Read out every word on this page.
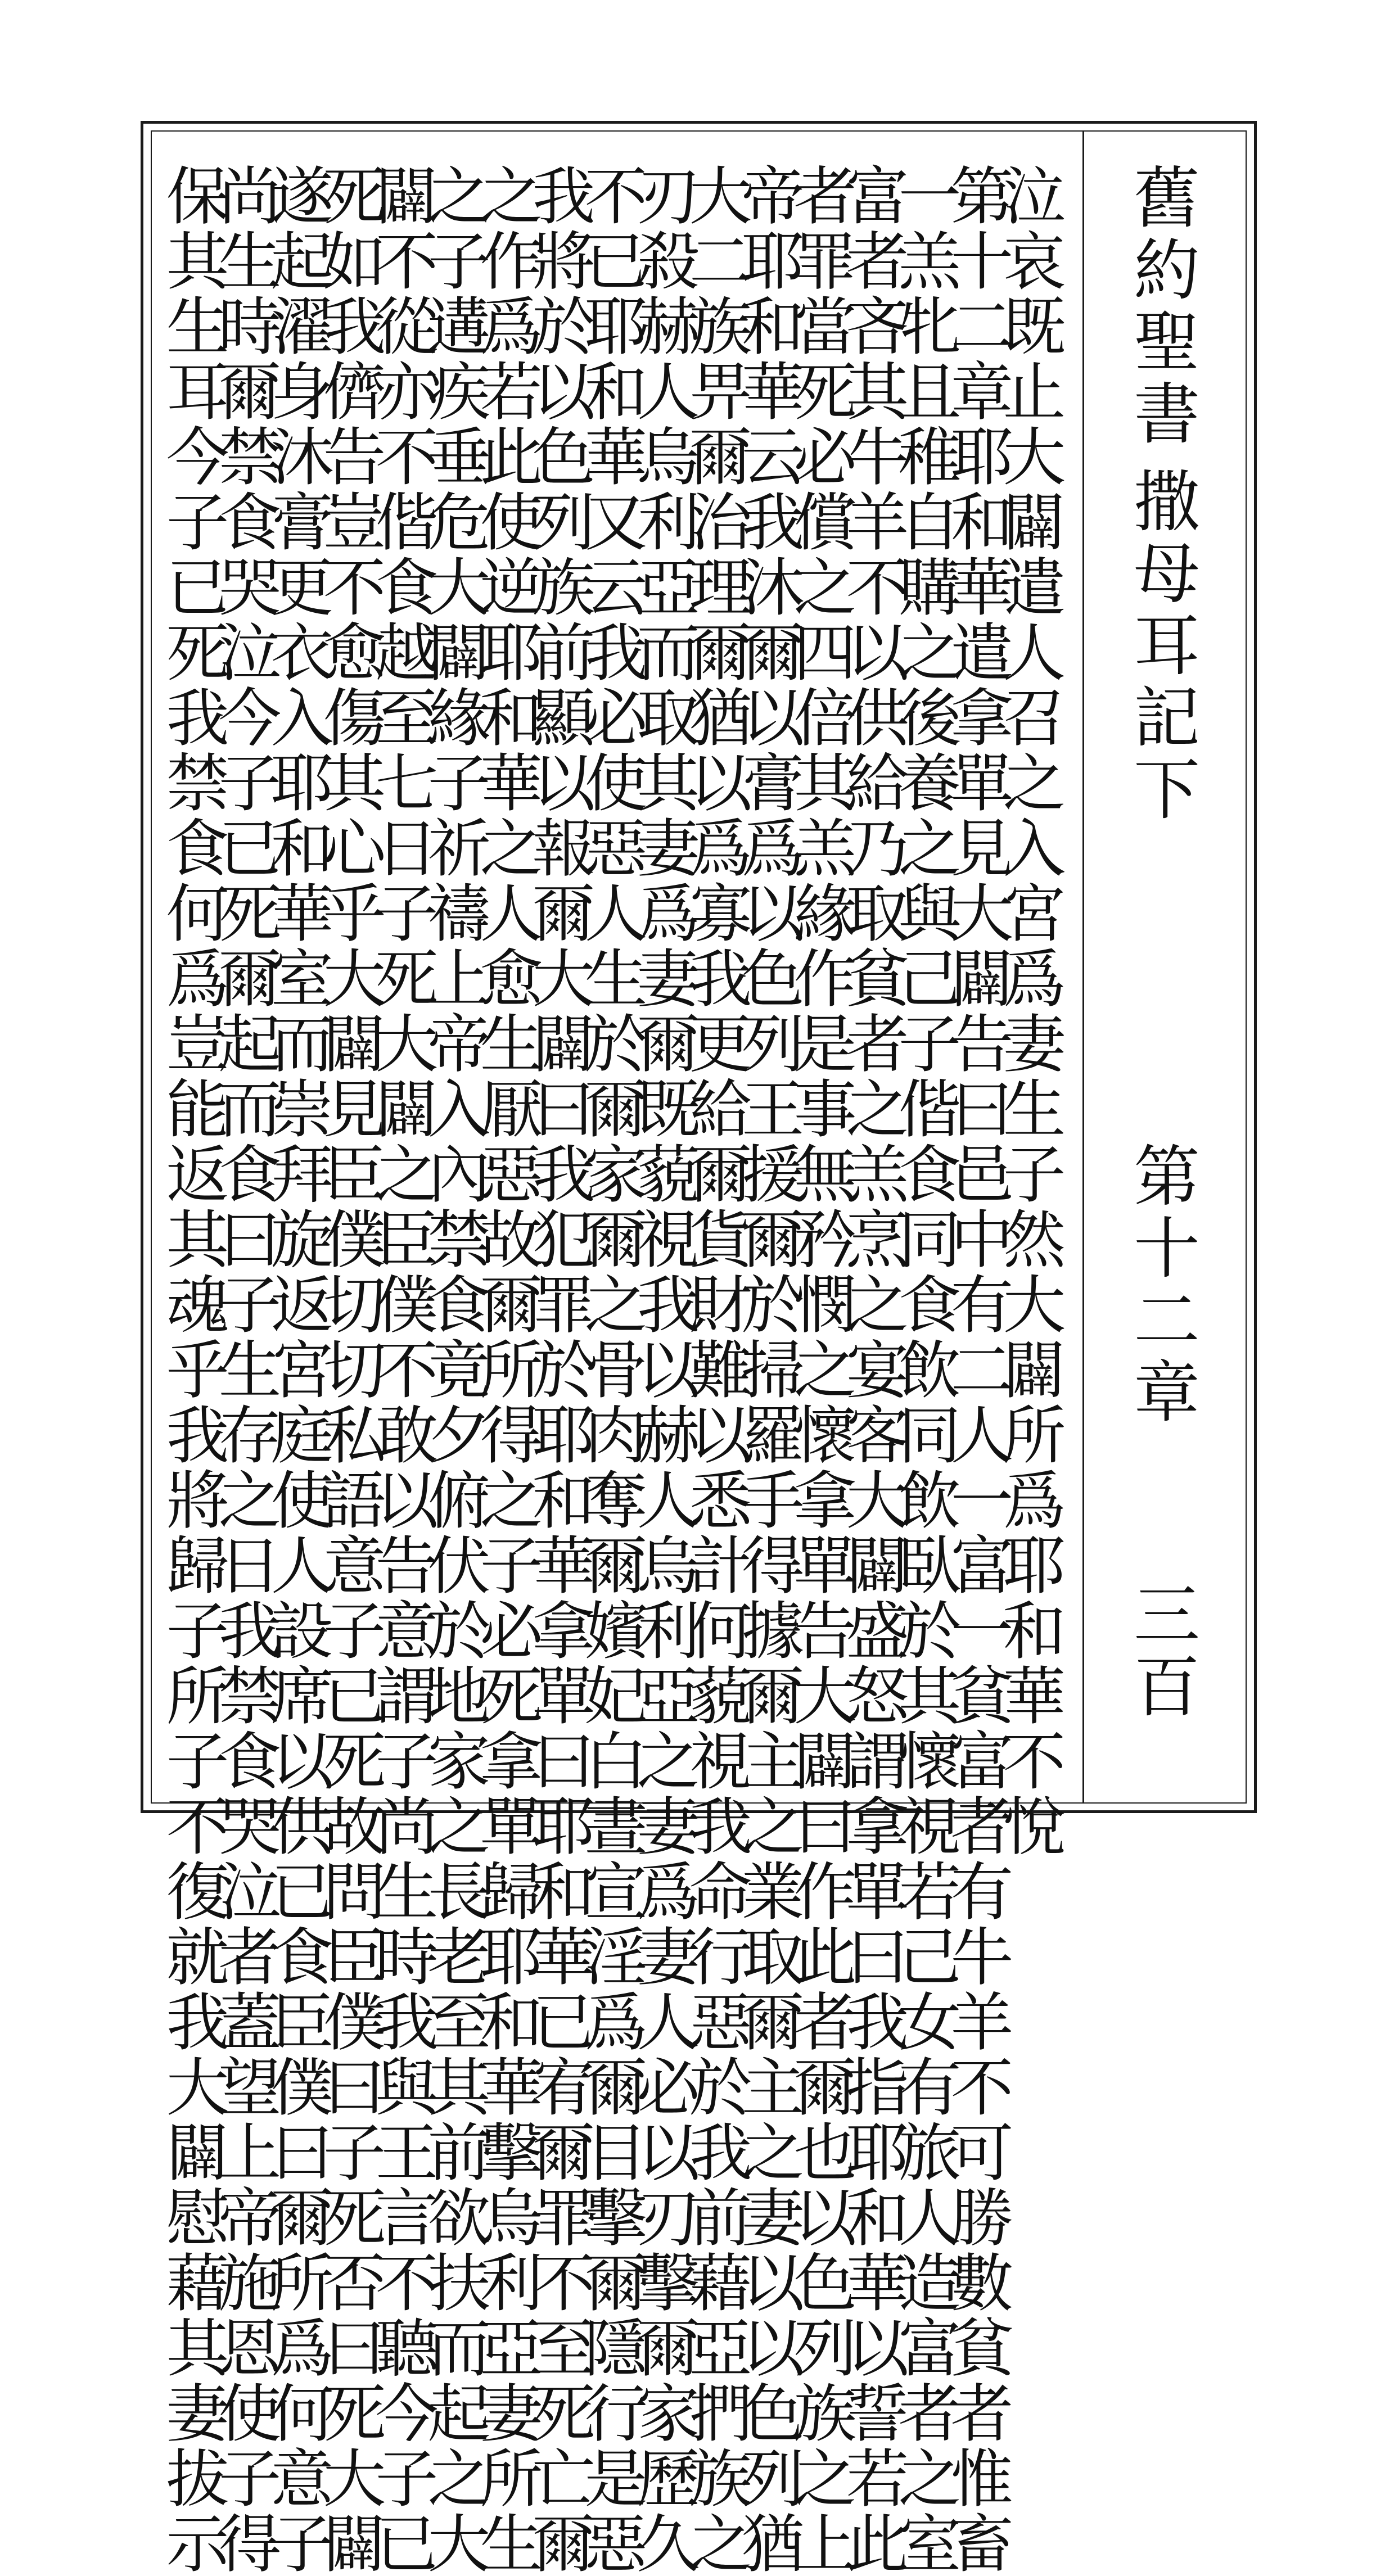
舊約聖書
撒母耳記下
第十二章
三百
泣哀既止大闢遣人召之入宮爲妻生子然大闢所爲耶和華不悅
第十二章耶和華遣拿單見大闢告曰邑中有二人一富一貧富者有牛羊不可勝數貧者惟畜
一羔牝且稚自購之後養之與己子偕食同食飲同飲臥於其懷視若己女有旅人造富者之室
富者吝其牛羊不以供給乃取貧者之羔烹之宴客大闢盛怒謂拿單曰我指耶和華以誓若此
者罪當死必償之四倍其羔緣作是事無矜憫之懷拿單告大闢曰作此者爾也以色列族之上
帝耶和華云我沐爾以膏爲以色列王援爾於掃羅手得據爾主之業取爾主之妻以以色列猶
大二族畀爾治理爾猶以爲寡我更給爾貨財難以悉計何藐視我命行惡於我前藉亞捫族之
刃殺赫人烏利亞而取其妻爲妻爾既藐視我以赫人烏利亞之妻爲妻人必以刃擊爾家歷久
不已耶和華又云我必使惡人生於爾家爾之骨肉奪爾嬪妃白晝宣淫爲爾目擊爾隱行是惡
我將於以色列族前顯以報爾大闢曰我犯罪於耶和華拿單曰耶和華已宥爾罪不至死亡爾
之作爲若此使逆耶和華之人愈生厭惡故爾所得之子必死拿單歸耶和華擊烏利亞妻所生
之子遘疾垂危大闢緣子祈禱上帝入內禁食竟夕俯伏於地家之長老至其前欲扶而起之大
闢不從亦不偕食越至七日子死大闢之臣僕不敢以告意謂子尚生時我與王言不聽今子已
死如我儕告豈不愈傷其心乎大闢見臣僕切切私語意子已死故問臣僕曰子死否曰死大闢
遂起濯身沐膏更衣入耶和華室而崇拜旋返宮庭使人設席以供已食臣僕曰爾所爲何意子
尚生時爾禁食哭泣今子已死爾起而食曰子生存之日我禁食哭泣者蓋望上帝施恩使子得
保其生耳今子已死我禁食何爲豈能返其魂乎我將歸子所子不復就我大闢慰藉其妻拔示
